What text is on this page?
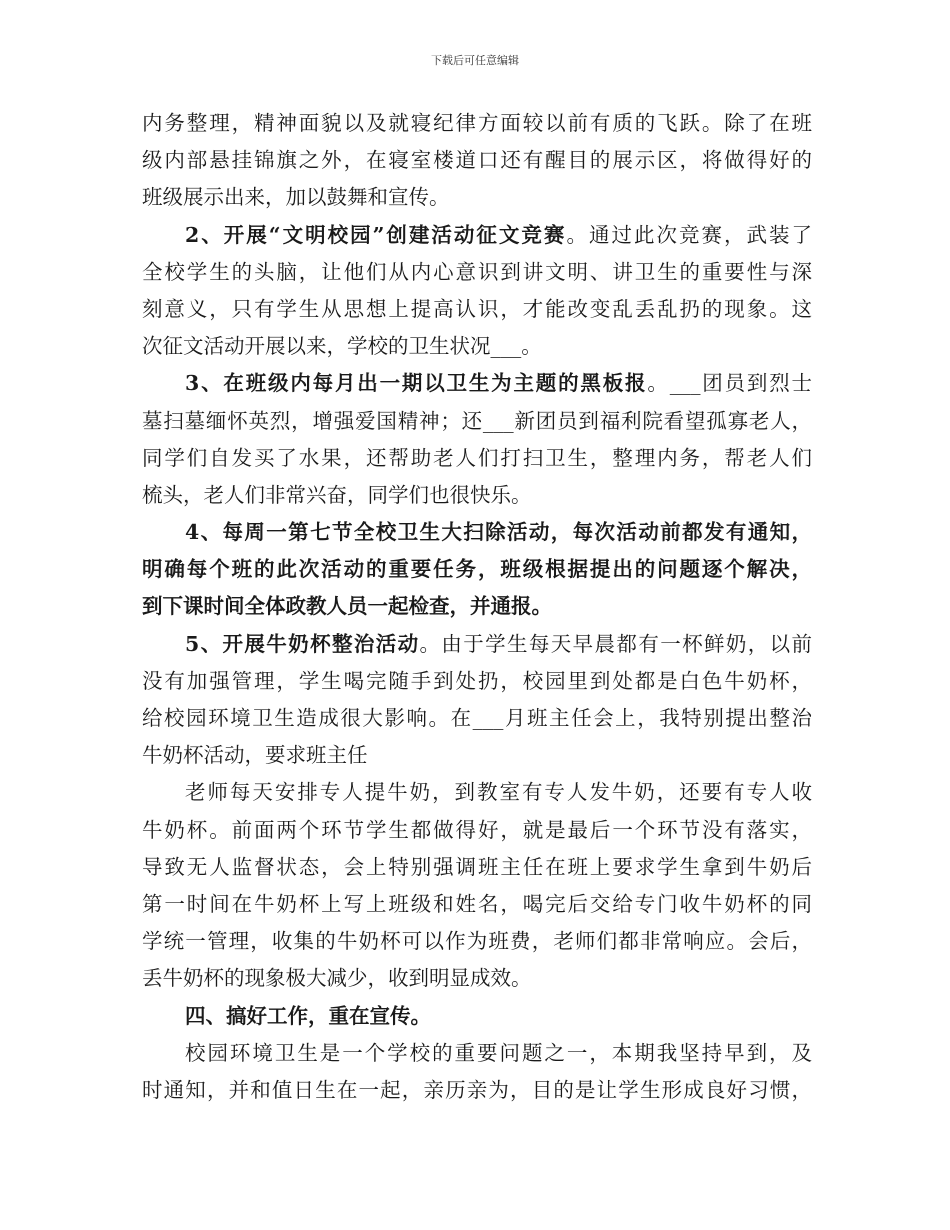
下载后可任意编辑
内务整理，精神面貌以及就寝纪律方面较以前有质的飞跃。除了在班
级内部悬挂锦旗之外，在寝室楼道口还有醒目的展示区，将做得好的
班级展示出来，加以鼓舞和宣传。
2、开展“文明校园”创建活动征文竞赛。通过此次竞赛，武装了
全校学生的头脑，让他们从内心意识到讲文明、讲卫生的重要性与深
刻意义，只有学生从思想上提高认识，才能改变乱丢乱扔的现象。这
次征文活动开展以来，学校的卫生状况___。
3、在班级内每月出一期以卫生为主题的黑板报。___团员到烈士
墓扫墓缅怀英烈，增强爱国精神；还___新团员到福利院看望孤寡老人，
同学们自发买了水果，还帮助老人们打扫卫生，整理内务，帮老人们
梳头，老人们非常兴奋，同学们也很快乐。
4、每周一第七节全校卫生大扫除活动，每次活动前都发有通知，
明确每个班的此次活动的重要任务，班级根据提出的问题逐个解决，
到下课时间全体政教人员一起检查，并通报。
5、开展牛奶杯整治活动。由于学生每天早晨都有一杯鲜奶，以前
没有加强管理，学生喝完随手到处扔，校园里到处都是白色牛奶杯，
给校园环境卫生造成很大影响。在___月班主任会上，我特别提出整治
牛奶杯活动，要求班主任
老师每天安排专人提牛奶，到教室有专人发牛奶，还要有专人收
牛奶杯。前面两个环节学生都做得好，就是最后一个环节没有落实，
导致无人监督状态，会上特别强调班主任在班上要求学生拿到牛奶后
第一时间在牛奶杯上写上班级和姓名，喝完后交给专门收牛奶杯的同
学统一管理，收集的牛奶杯可以作为班费，老师们都非常响应。会后，
丢牛奶杯的现象极大减少，收到明显成效。
四、搞好工作，重在宣传。
校园环境卫生是一个学校的重要问题之一，本期我坚持早到，及
时通知，并和值日生在一起，亲历亲为，目的是让学生形成良好习惯，
